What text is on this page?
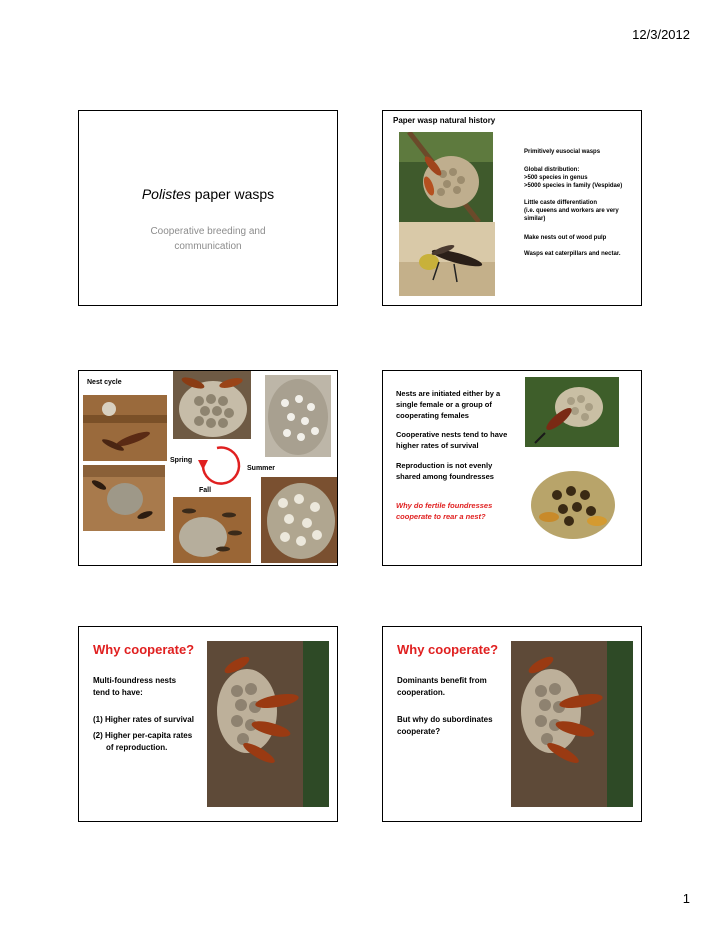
12/3/2012
Polistes paper wasps
Cooperative breeding and
communication
Paper wasp natural history
Primitively eusocial wasps
Global distribution:
>500 species in genus
>5000 species in family (Vespidae)
Little caste differentiation
(i.e. queens and workers are very
similar)
Make nests out of wood pulp
Wasps eat caterpillars and nectar.
Nest cycle
Spring
Summer
Fall
Nests are initiated either by a
single female or a group of
cooperating females
Cooperative nests tend to have
higher rates of survival
Reproduction is not evenly
shared among foundresses
Why do fertile foundresses
cooperate to rear a nest?
Why cooperate?
Multi-foundress nests
tend to have:
(1) Higher rates of survival
(2) Higher per-capita rates
of reproduction.
Why cooperate?
Dominants benefit from
cooperation.
But why do subordinates
cooperate?
1
